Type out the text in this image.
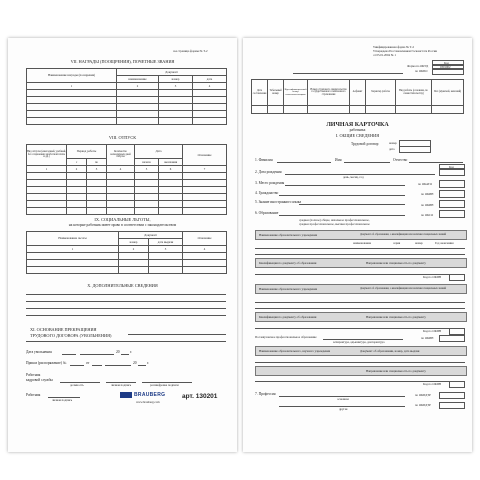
4-я страница формы № Т-2
VII. НАГРАДЫ (ПООЩРЕНИЯ), ПОЧЕТНЫЕ ЗВАНИЯ
Наименование награды (поощрения)	Документ		
	наименование	номер	дата
1	2	3	4

VIII. ОТПУСК
Вид отпуска (ежегодный, учебный, без сохранения заработной платы и др.)	Период работы		Количество календарных дней отпуска	Дата		Основание
	с	по		начала	окончания	
1	2	3	4	5	6	7

IX. СОЦИАЛЬНЫЕ ЛЬГОТЫ,
на которые работник имеет право в соответствии с законодательством
Наименование льготы	Документ		Основание
	номер	дата выдачи	
1	2	3	4

X. ДОПОЛНИТЕЛЬНЫЕ СВЕДЕНИЯ
XI. ОСНОВАНИЕ ПРЕКРАЩЕНИЯ
ТРУДОВОГО ДОГОВОРА (УВОЛЬНЕНИЯ)
Дата увольнения	20	г.
Приказ (распоряжение) №	от	20	г.
Работник
кадровой службы
должность	личная подпись	расшифровка подписи
Работник
личная подпись
BRAUBERG
www.brauberg.com
арт. 130201
Унифицированная форма № Т-2
Утверждена Постановлением Госкомстата России
от 05.01.2004 № 1
Код
Форма по ОКУД	0301002
по ОКПО
Дата составления	Табельный номер	Идентификационный номер налогоплательщика	Номер страхового свидетельства государственного пенсионного страхования	Алфавит	Характер работы	Вид работы (основная, по совместительству)	Пол (мужской, женский)

ЛИЧНАЯ КАРТОЧКА
работника
I. ОБЩИЕ СВЕДЕНИЯ
Трудовой договор	номер
дата
1. Фамилия	Имя	Отчество
Код
2. Дата рождения
день, месяц, год
3. Место рождения	по ОКАТО
4. Гражданство	по ОКИН
5. Знание иностранного языка
по ОКИН
6. Образование	по ОКСО
среднее (полное) общее, начальное профессиональное,
среднее профессиональное, высшее профессиональное
Наименование образовательного учреждения	Документ об образовании, о квалификации или наличии специальных знаний
наименование	серия	номер	Год окончания
Квалификация по документу об образовании	Направление или специальность по документу
Код по ОКИН
Наименование образовательного учреждения	Документ об образовании, о квалификации или наличии специальных знаний
Квалификация по документу об образовании	Направление или специальность по документу
Код по ОКИН
Послевузовское профессиональное образование
аспирантура, адъюнктура, докторантура
по ОКИН
Наименование образовательного, научного учреждения	Документ об образовании, номер, дата выдачи
Направление или специальность по документу
Код по ОКИН
7. Профессия
основная
по ОКПДТР
другая
по ОКПДТР
